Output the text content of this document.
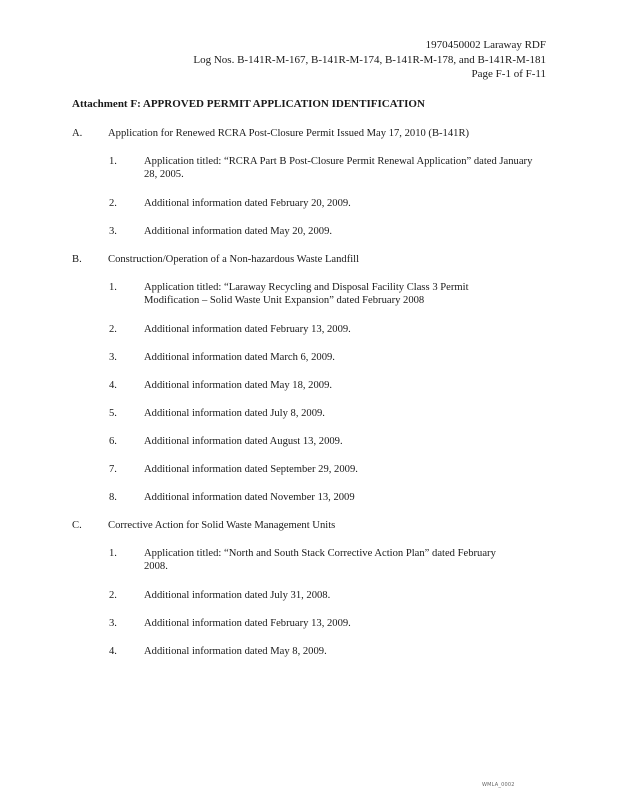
1970450002 Laraway RDF
Log Nos. B-141R-M-167, B-141R-M-174, B-141R-M-178, and B-141R-M-181
Page F-1 of F-11
Attachment F: APPROVED PERMIT APPLICATION IDENTIFICATION
A. Application for Renewed RCRA Post-Closure Permit Issued May 17, 2010 (B-141R)
1.	Application titled: “RCRA Part B Post-Closure Permit Renewal Application” dated January 28, 2005.
2.	Additional information dated February 20, 2009.
3.	Additional information dated May 20, 2009.
B. Construction/Operation of a Non-hazardous Waste Landfill
1.	Application titled: “Laraway Recycling and Disposal Facility Class 3 Permit Modification – Solid Waste Unit Expansion” dated February 2008
2.	Additional information dated February 13, 2009.
3.	Additional information dated March 6, 2009.
4.	Additional information dated May 18, 2009.
5.	Additional information dated July 8, 2009.
6.	Additional information dated August 13, 2009.
7.	Additional information dated September 29, 2009.
8.	Additional information dated November 13, 2009
C. Corrective Action for Solid Waste Management Units
1.	Application titled: “North and South Stack Corrective Action Plan” dated February 2008.
2.	Additional information dated July 31, 2008.
3.	Additional information dated February 13, 2009.
4.	Additional information dated May 8, 2009.
WMLA_0002
